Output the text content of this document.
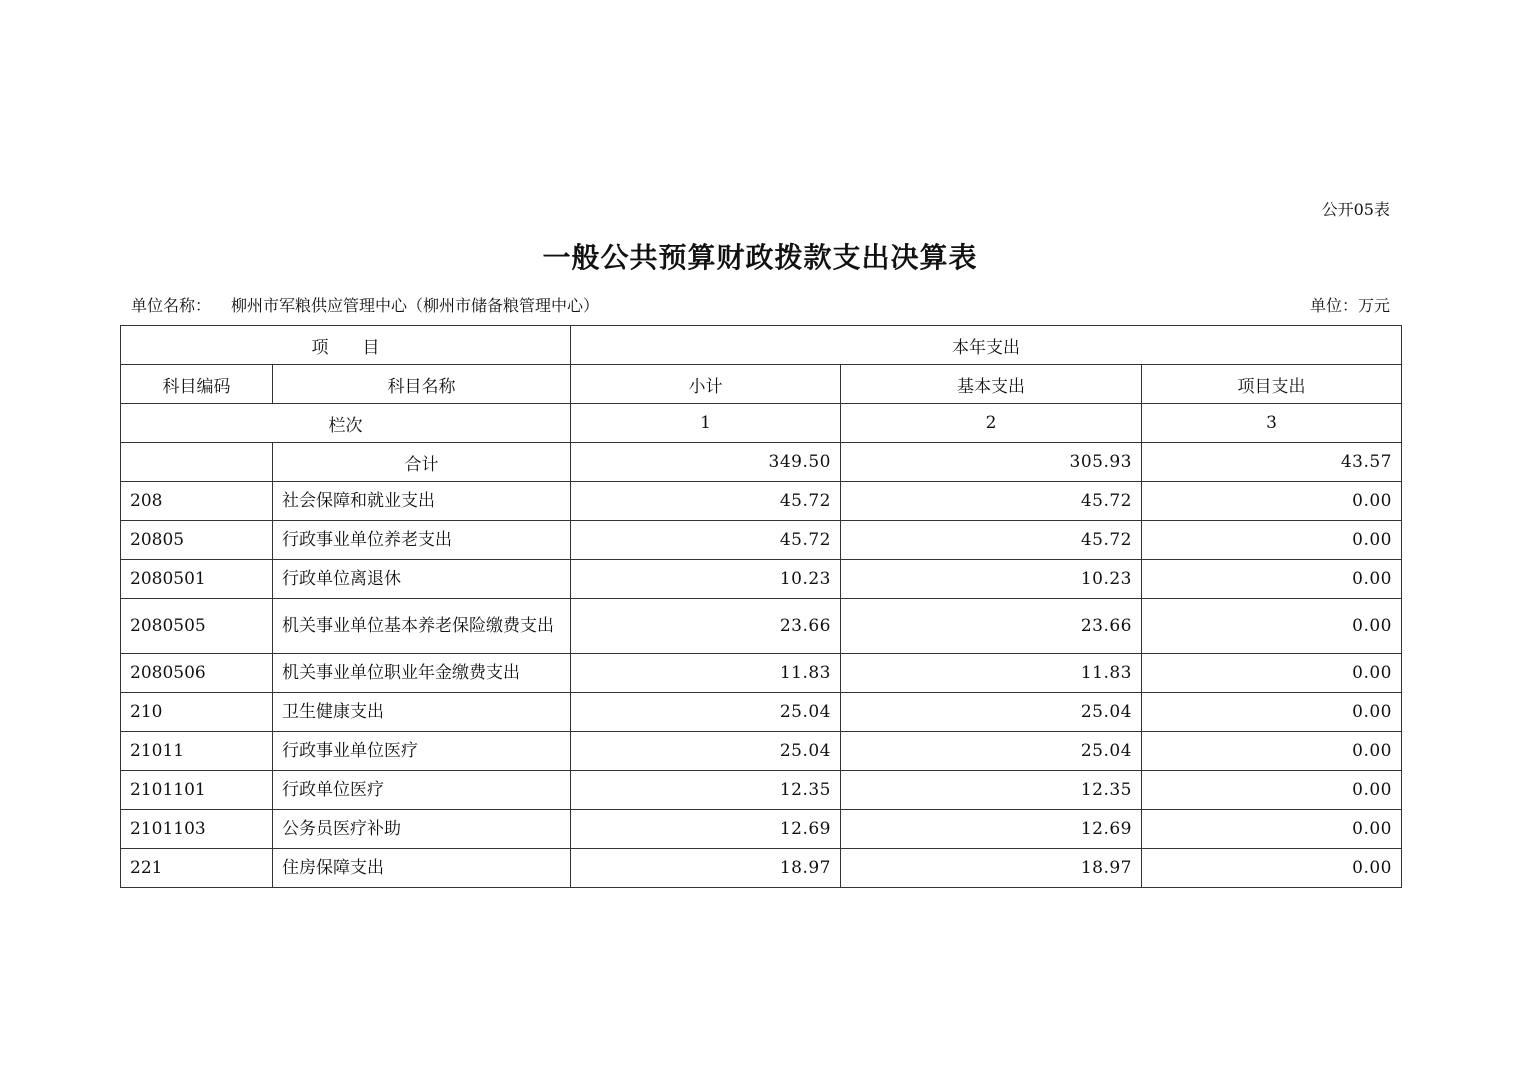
公开05表
一般公共预算财政拨款支出决算表
单位名称： 柳州市军粮供应管理中心（柳州市储备粮管理中心）	单位：万元
项　　目		本年支出		
科目编码	科目名称	小计	基本支出	项目支出
栏次		1	2	3
	合计	349.50	305.93	43.57
208	社会保障和就业支出	45.72	45.72	0.00
20805	行政事业单位养老支出	45.72	45.72	0.00
2080501	行政单位离退休	10.23	10.23	0.00
2080505	机关事业单位基本养老保险缴费支出	23.66	23.66	0.00
2080506	机关事业单位职业年金缴费支出	11.83	11.83	0.00
210	卫生健康支出	25.04	25.04	0.00
21011	行政事业单位医疗	25.04	25.04	0.00
2101101	行政单位医疗	12.35	12.35	0.00
2101103	公务员医疗补助	12.69	12.69	0.00
221	住房保障支出	18.97	18.97	0.00
